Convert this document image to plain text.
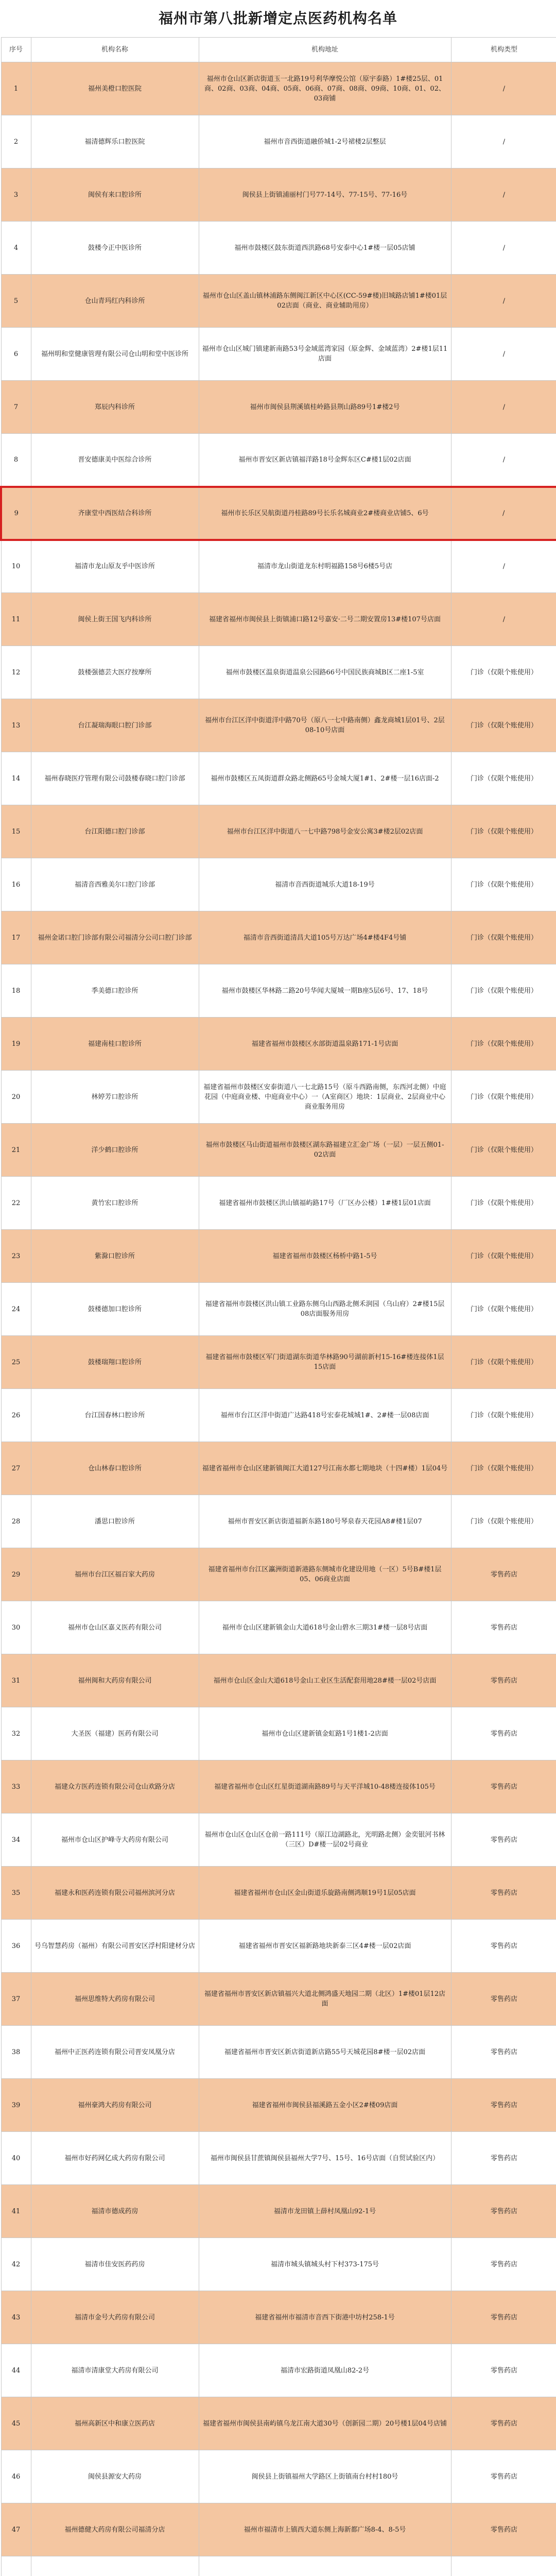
福州市第八批新增定点医药机构名单
序号	机构名称	机构地址	机构类型
1	福州美橙口腔医院	福州市仓山区新店街道玉一北路19号利华摩悦公馆（原宇泰路）1#楼25层、01商、02商、03商、04商、05商、06商、07商、08商、09商、10商、01、02、03商铺	/
2	福清德辉乐口腔医院	福州市音西街道融侨城1-2号裙楼2层整层	/
3	闽侯有来口腔诊所	闽侯县上街镇浦丽村门号77-14号、77-15号、77-16号	/
4	鼓楼今正中医诊所	福州市鼓楼区鼓东街道西洪路68号安泰中心1#楼一层05店铺	/
5	仓山青玛红内科诊所	福州市仓山区盖山镇林浦路东侧闽江新区中心区(CC-59#楼)旧城路店铺1#楼01层02店面（商业、商业辅助用房）	/
6	福州明和堂健康管理有限公司仓山明和堂中医诊所	福州市仓山区城门镇建新南路53号金域蓝湾家园（原金辉、金域蓝湾）2#楼1层11店面	/
7	郑辰内科诊所	福州市闽侯县荆溪镇桂岭路县荆山路89号1#楼2号	/
8	晋安德康美中医综合诊所	福州市晋安区新店镇福洋路18号金辉东区C#楼1层02店面	/
9	齐康堂中西医结合科诊所	福州市长乐区吴航街道丹桂路89号长乐名城商业2#楼商业店铺5、6号	/
10	福清市龙山原友乎中医诊所	福清市龙山街道龙东村明福路158号6楼5号店	/
11	闽侯上街王国飞内科诊所	福建省福州市闽侯县上街镇浦口路12号嘉安·二号二期安置房13#楼107号店面	/
12	鼓楼强德芸大医疗按摩所	福州市鼓楼区温泉街道温泉公园路66号中国民族商城B区二座1-5室	门诊（仅限个账使用）
13	台江凝瑞海眼口腔门诊部	福州市台江区洋中街道洋中路70号（原八一七中路南侧）鑫龙商城1层01号、2层08-10号店面	门诊（仅限个账使用）
14	福州春晓医疗管理有限公司鼓楼春晓口腔门诊部	福州市鼓楼区五凤街道群众路北侧路65号金城大厦1#1、2#楼一层16店面-2	门诊（仅限个账使用）
15	台江阳德口腔门诊部	福州市台江区洋中街道八一七中路798号金安公寓3#楼2层02店面	门诊（仅限个账使用）
16	福清音西雅美尔口腔门诊部	福清市音西街道城乐大道18-19号	门诊（仅限个账使用）
17	福州金诺口腔门诊部有限公司福清分公司口腔门诊部	福清市音西街道清昌大道105号万达广场4#楼4F4号铺	门诊（仅限个账使用）
18	季美德口腔诊所	福州市鼓楼区华林路二路20号华闻大厦城一期B座5层6号、17、18号	门诊（仅限个账使用）
19	福建南桂口腔诊所	福建省福州市鼓楼区水部街道温泉路171-1号店面	门诊（仅限个账使用）
20	林婷芳口腔诊所	福建省福州市鼓楼区安泰街道八一七北路15号（原斗西路南侧，东西河北侧）中庭花园（中庭商业楼、中庭商业中心）一（A室商区）地块：1层商业、2层商业中心商业服务用房	门诊（仅限个账使用）
21	洋少鹤口腔诊所	福州市鼓楼区马山街道福州市鼓楼区湖东路福建立汇金广场（一层）一层五侧01-02店面	门诊（仅限个账使用）
22	黄竹宏口腔诊所	福建省福州市鼓楼区洪山镇福屿路17号（厂区办公楼）1#楼1层01店面	门诊（仅限个账使用）
23	紫滁口腔诊所	福建省福州市鼓楼区杨桥中路1-5号	门诊（仅限个账使用）
24	鼓楼德加口腔诊所	福建省福州市鼓楼区洪山镇工业路东侧乌山西路北侧禾润园（乌山府）2#楼15层08店面服务用房	门诊（仅限个账使用）
25	鼓楼瑞翔口腔诊所	福建省福州市鼓楼区军门街道湖东街道华林路90号湖前新村15-16#楼连接体1层15店面	门诊（仅限个账使用）
26	台江国春林口腔诊所	福州市台江区洋中街道广达路418号宏泰花城城1#、2#楼一层08店面	门诊（仅限个账使用）
27	仓山林春口腔诊所	福建省福州市仓山区建新镇闽江大道127号江南水都七期地块（十四#楼）1层04号	门诊（仅限个账使用）
28	潘思口腔诊所	福州市晋安区新店街道福新东路180号琴泉春天花园A8#楼1层07	门诊（仅限个账使用）
29	福州市台江区福百家大药房	福建省福州市台江区瀛洲街道新港路东侧城市化建设用地（一区）5号B#楼1层05、06商业店面	零售药店
30	福州市仓山区嘉义医药有限公司	福州市仓山区建新镇金山大道618号金山碧水三期31#楼一层8号店面	零售药店
31	福州闽和大药房有限公司	福州市仓山区金山大道618号金山工业区生活配套用地28#楼一层02号店面	零售药店
32	大圣医（福建）医药有限公司	福州市仓山区建新镇金虹路1号1楼1-2店面	零售药店
33	福建众方医药连锁有限公司仓山欢路分店	福建省福州市仓山区红星街道湖南路89号与天平洋城10-48楼连接体105号	零售药店
34	福州市仓山区护峰寺大药房有限公司	福州市仓山区仓山区仓前一路111号（原江边湖路北，光明路北侧）金奕银河书林（三区）D#楼一层02号商业	零售药店
35	福建永和医药连锁有限公司福州滨河分店	福建省福州市仓山区金山街道乐旋路南侧鸿顺19号1层05店面	零售药店
36	号乌智慧药房（福州）有限公司晋安区浮村阳建材分店	福建省福州市晋安区福新路地块新泰三区4#楼一层02店面	零售药店
37	福州思维特大药房有限公司	福建省福州市晋安区新店镇福兴大道北侧鸿盛天地园二期（北区）1#楼01层12店面	零售药店
38	福州中正医药连锁有限公司晋安凤凰分店	福建省福州市晋安区新店街道新店路55号天城花园8#楼一层02店面	零售药店
39	福州豪鸿大药房有限公司	福建省福州市闽侯县福溪路五金小区2#楼09店面	零售药店
40	福州市好药网亿成大药房有限公司	福州市闽侯县甘蔗镇闽侯县福州大学7号、15号、16号店面（自贸试验区内）	零售药店
41	福清市德成药房	福清市龙田镇上薛村凤凰山92-1号	零售药店
42	福清市佳安医药药房	福清市城头镇城头村下村373-175号	零售药店
43	福清市金号大药房有限公司	福建省福州市福清市音西下街港中坊村258-1号	零售药店
44	福清市清康堂大药房有限公司	福清市宏路街道凤凰山82-2号	零售药店
45	福州高新区中和康立医药店	福建省福州市闽侯县南屿镇乌龙江南大道30号（创新园二期）20号楼1层04号店铺	零售药店
46	闽侯县源安大药房	闽侯县上街镇福州大学路区上街镇南台村村180号	零售药店
47	福州德健大药房有限公司福清分店	福州市福清市上镇西大道东侧上海新都广场8-4、8-5号	零售药店
